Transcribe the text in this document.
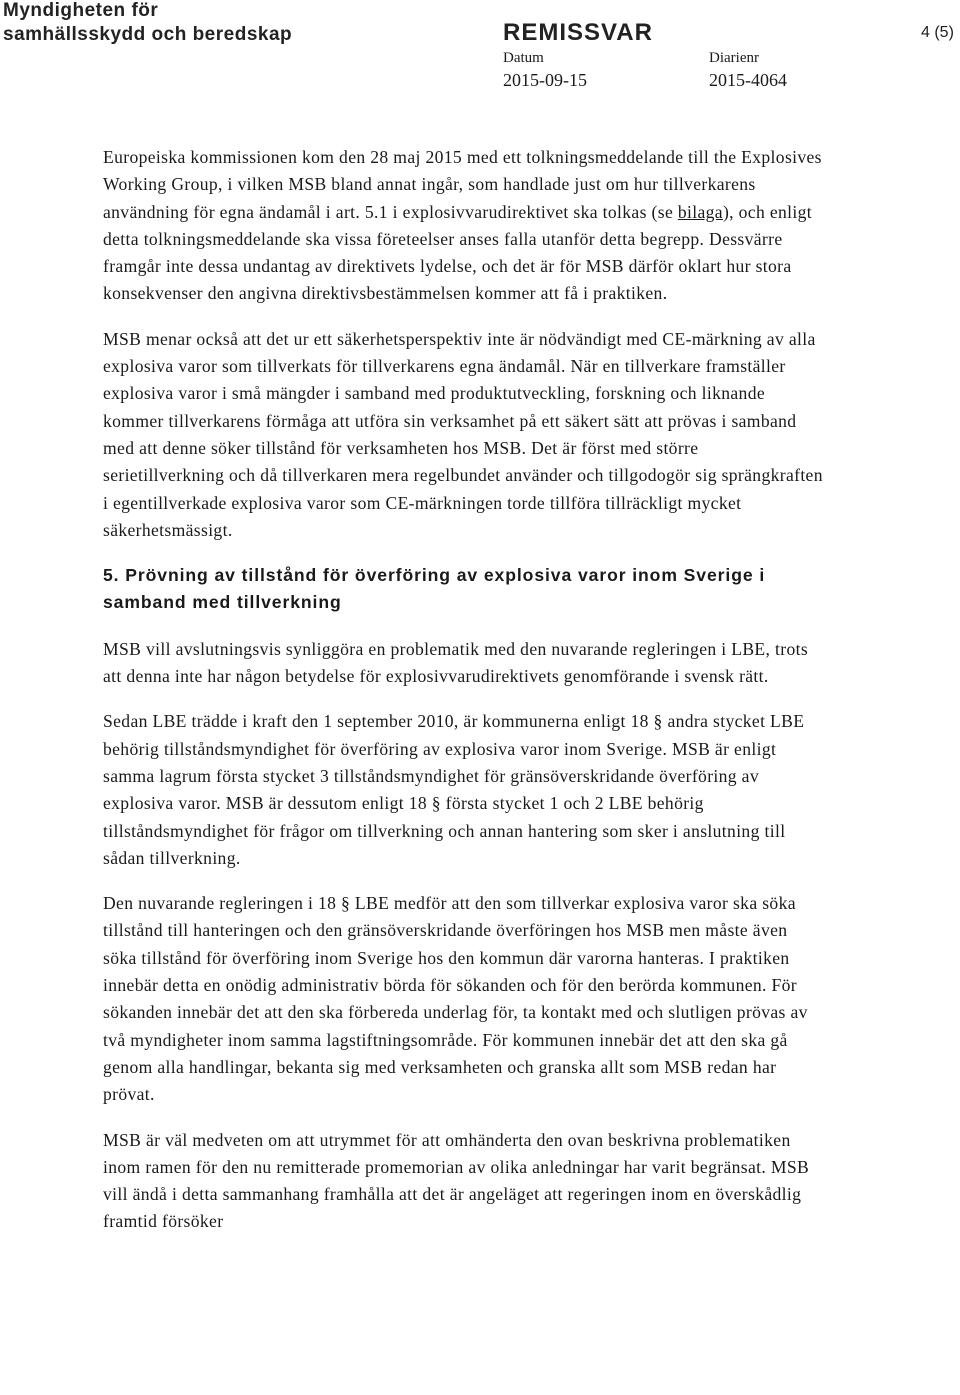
Myndigheten för
samhällsskydd och beredskap	REMISSVAR	4 (5)
Datum
2015-09-15
Diarienr
2015-4064

Europeiska kommissionen kom den 28 maj 2015 med ett tolkningsmeddelande till the Explosives Working Group, i vilken MSB bland annat ingår, som handlade just om hur tillverkarens användning för egna ändamål i art. 5.1 i explosivvarudirektivet ska tolkas (se bilaga), och enligt detta tolkningsmeddelande ska vissa företeelser anses falla utanför detta begrepp. Dessvärre framgår inte dessa undantag av direktivets lydelse, och det är för MSB därför oklart hur stora konsekvenser den angivna direktivsbestämmelsen kommer att få i praktiken.

MSB menar också att det ur ett säkerhetsperspektiv inte är nödvändigt med CE-märkning av alla explosiva varor som tillverkats för tillverkarens egna ändamål. När en tillverkare framställer explosiva varor i små mängder i samband med produktutveckling, forskning och liknande kommer tillverkarens förmåga att utföra sin verksamhet på ett säkert sätt att prövas i samband med att denne söker tillstånd för verksamheten hos MSB. Det är först med större serietillverkning och då tillverkaren mera regelbundet använder och tillgodogör sig sprängkraften i egentillverkade explosiva varor som CE-märkningen torde tillföra tillräckligt mycket säkerhetsmässigt.

5. Prövning av tillstånd för överföring av explosiva varor inom Sverige i samband med tillverkning

MSB vill avslutningsvis synliggöra en problematik med den nuvarande regleringen i LBE, trots att denna inte har någon betydelse för explosivvarudirektivets genomförande i svensk rätt.

Sedan LBE trädde i kraft den 1 september 2010, är kommunerna enligt 18 § andra stycket LBE behörig tillståndsmyndighet för överföring av explosiva varor inom Sverige. MSB är enligt samma lagrum första stycket 3 tillståndsmyndighet för gränsöverskridande överföring av explosiva varor. MSB är dessutom enligt 18 § första stycket 1 och 2 LBE behörig tillståndsmyndighet för frågor om tillverkning och annan hantering som sker i anslutning till sådan tillverkning.

Den nuvarande regleringen i 18 § LBE medför att den som tillverkar explosiva varor ska söka tillstånd till hanteringen och den gränsöverskridande överföringen hos MSB men måste även söka tillstånd för överföring inom Sverige hos den kommun där varorna hanteras. I praktiken innebär detta en onödig administrativ börda för sökanden och för den berörda kommunen. För sökanden innebär det att den ska förbereda underlag för, ta kontakt med och slutligen prövas av två myndigheter inom samma lagstiftningsområde. För kommunen innebär det att den ska gå genom alla handlingar, bekanta sig med verksamheten och granska allt som MSB redan har prövat.

MSB är väl medveten om att utrymmet för att omhänderta den ovan beskrivna problematiken inom ramen för den nu remitterade promemorian av olika anledningar har varit begränsat. MSB vill ändå i detta sammanhang framhålla att det är angeläget att regeringen inom en överskådlig framtid försöker
